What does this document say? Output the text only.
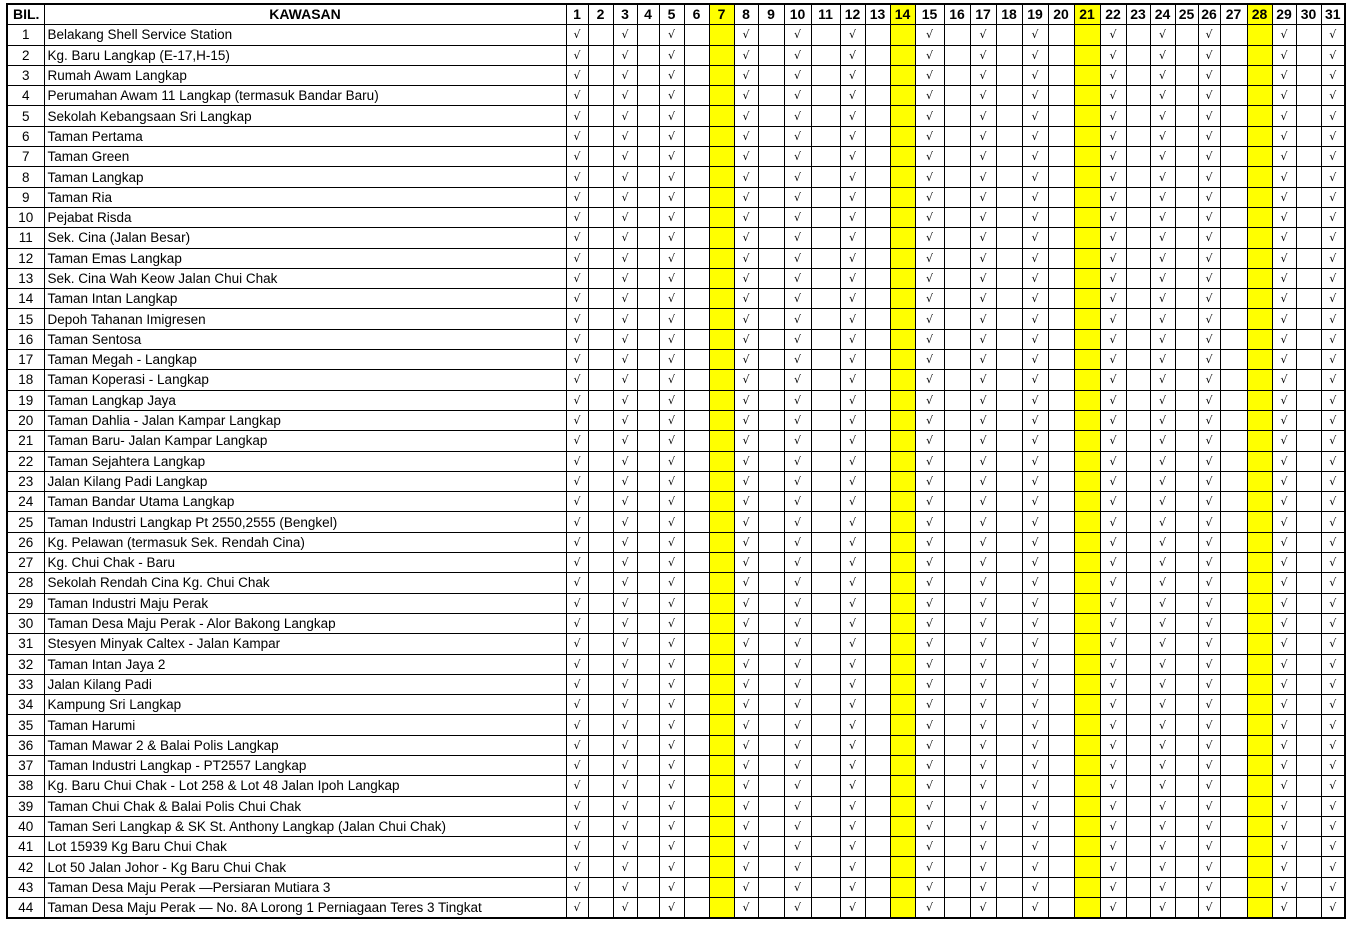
BIL.	KAWASAN	1	2	3	4	5	6	7	8	9	10	11	12	13	14	15	16	17	18	19	20	21	22	23	24	25	26	27	28	29	30	31
1	Belakang Shell Service Station	√		√		√			√		√		√			√		√		√			√		√		√			√		√
2	Kg. Baru Langkap (E-17,H-15)	√		√		√			√		√		√			√		√		√			√		√		√			√		√
3	Rumah Awam Langkap	√		√		√			√		√		√			√		√		√			√		√		√			√		√
4	Perumahan Awam 11 Langkap (termasuk Bandar Baru)	√		√		√			√		√		√			√		√		√			√		√		√			√		√
5	Sekolah Kebangsaan Sri Langkap	√		√		√			√		√		√			√		√		√			√		√		√			√		√
6	Taman Pertama	√		√		√			√		√		√			√		√		√			√		√		√			√		√
7	Taman Green	√		√		√			√		√		√			√		√		√			√		√		√			√		√
8	Taman Langkap	√		√		√			√		√		√			√		√		√			√		√		√			√		√
9	Taman Ria	√		√		√			√		√		√			√		√		√			√		√		√			√		√
10	Pejabat Risda	√		√		√			√		√		√			√		√		√			√		√		√			√		√
11	Sek. Cina (Jalan Besar)	√		√		√			√		√		√			√		√		√			√		√		√			√		√
12	Taman Emas Langkap	√		√		√			√		√		√			√		√		√			√		√		√			√		√
13	Sek. Cina Wah Keow Jalan Chui Chak	√		√		√			√		√		√			√		√		√			√		√		√			√		√
14	Taman Intan Langkap	√		√		√			√		√		√			√		√		√			√		√		√			√		√
15	Depoh Tahanan Imigresen	√		√		√			√		√		√			√		√		√			√		√		√			√		√
16	Taman Sentosa	√		√		√			√		√		√			√		√		√			√		√		√			√		√
17	Taman Megah - Langkap	√		√		√			√		√		√			√		√		√			√		√		√			√		√
18	Taman Koperasi - Langkap	√		√		√			√		√		√			√		√		√			√		√		√			√		√
19	Taman Langkap Jaya	√		√		√			√		√		√			√		√		√			√		√		√			√		√
20	Taman Dahlia - Jalan Kampar Langkap	√		√		√			√		√		√			√		√		√			√		√		√			√		√
21	Taman Baru- Jalan Kampar Langkap	√		√		√			√		√		√			√		√		√			√		√		√			√		√
22	Taman Sejahtera Langkap	√		√		√			√		√		√			√		√		√			√		√		√			√		√
23	Jalan Kilang Padi Langkap	√		√		√			√		√		√			√		√		√			√		√		√			√		√
24	Taman Bandar Utama Langkap	√		√		√			√		√		√			√		√		√			√		√		√			√		√
25	Taman Industri Langkap Pt 2550,2555 (Bengkel)	√		√		√			√		√		√			√		√		√			√		√		√			√		√
26	Kg. Pelawan (termasuk Sek. Rendah Cina)	√		√		√			√		√		√			√		√		√			√		√		√			√		√
27	Kg. Chui Chak - Baru	√		√		√			√		√		√			√		√		√			√		√		√			√		√
28	Sekolah Rendah Cina Kg. Chui Chak	√		√		√			√		√		√			√		√		√			√		√		√			√		√
29	Taman Industri Maju Perak	√		√		√			√		√		√			√		√		√			√		√		√			√		√
30	Taman Desa Maju Perak - Alor Bakong Langkap	√		√		√			√		√		√			√		√		√			√		√		√			√		√
31	Stesyen Minyak Caltex - Jalan Kampar	√		√		√			√		√		√			√		√		√			√		√		√			√		√
32	Taman Intan Jaya 2	√		√		√			√		√		√			√		√		√			√		√		√			√		√
33	Jalan Kilang Padi	√		√		√			√		√		√			√		√		√			√		√		√			√		√
34	Kampung Sri Langkap	√		√		√			√		√		√			√		√		√			√		√		√			√		√
35	Taman Harumi	√		√		√			√		√		√			√		√		√			√		√		√			√		√
36	Taman Mawar 2 & Balai Polis Langkap	√		√		√			√		√		√			√		√		√			√		√		√			√		√
37	Taman Industri Langkap - PT2557 Langkap	√		√		√			√		√		√			√		√		√			√		√		√			√		√
38	Kg. Baru Chui Chak - Lot 258 & Lot 48 Jalan Ipoh Langkap	√		√		√			√		√		√			√		√		√			√		√		√			√		√
39	Taman Chui Chak & Balai Polis Chui Chak	√		√		√			√		√		√			√		√		√			√		√		√			√		√
40	Taman Seri Langkap & SK St. Anthony Langkap (Jalan Chui Chak)	√		√		√			√		√		√			√		√		√			√		√		√			√		√
41	Lot 15939 Kg Baru Chui Chak	√		√		√			√		√		√			√		√		√			√		√		√			√		√
42	Lot 50 Jalan Johor - Kg Baru Chui Chak	√		√		√			√		√		√			√		√		√			√		√		√			√		√
43	Taman Desa Maju Perak —Persiaran Mutiara 3	√		√		√			√		√		√			√		√		√			√		√		√			√		√
44	Taman Desa Maju Perak — No. 8A Lorong 1 Perniagaan Teres 3 Tingkat	√		√		√			√		√		√			√		√		√			√		√		√			√		√
